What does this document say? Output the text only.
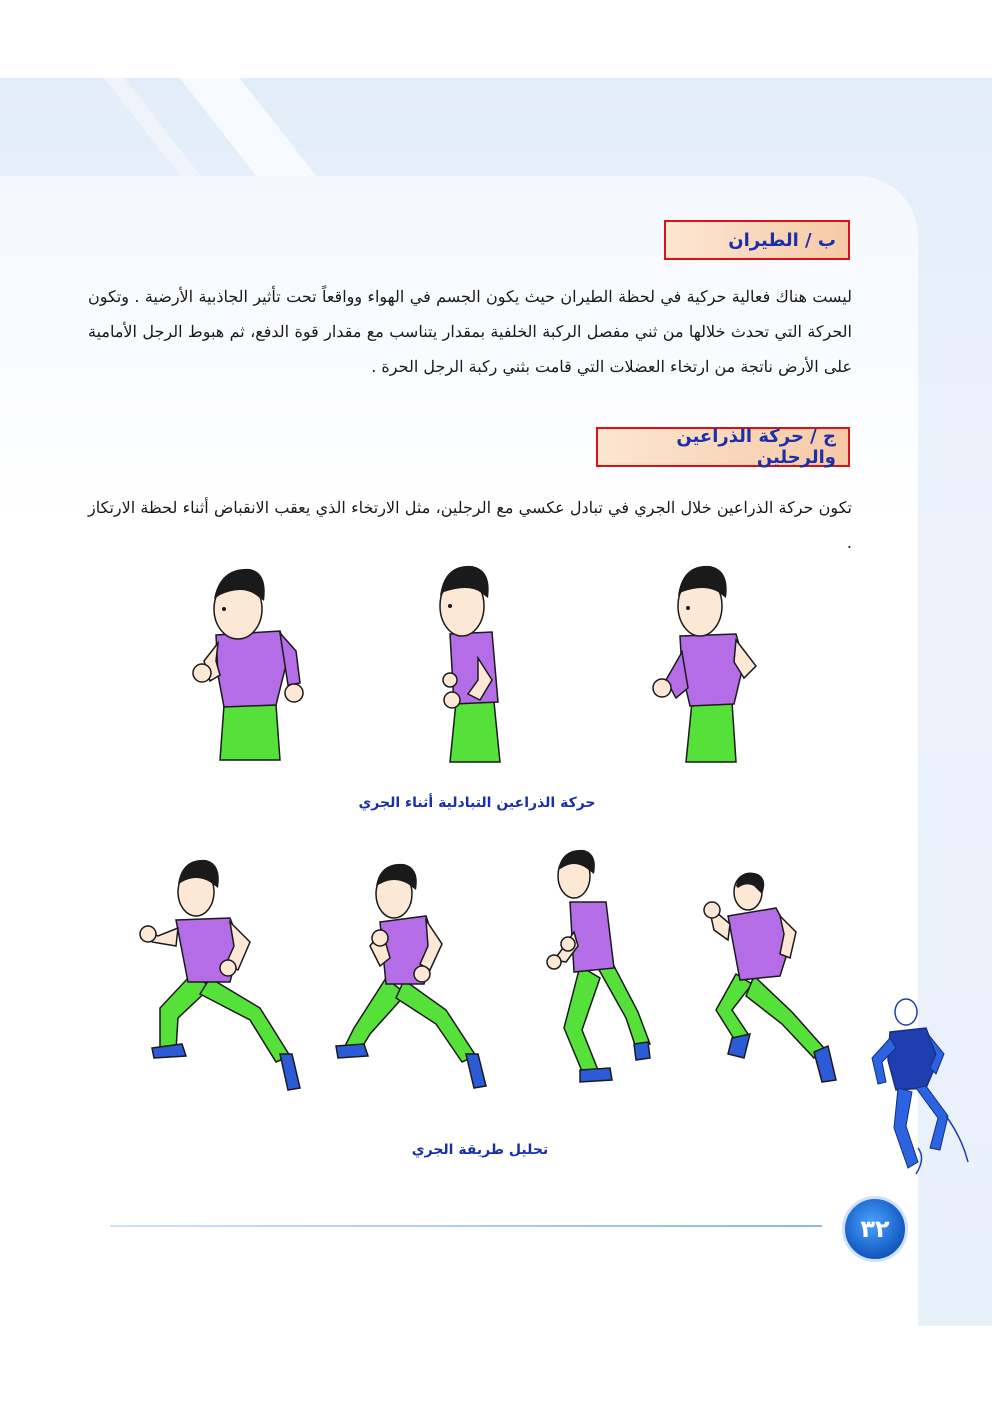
ب / الطيران
ليست هناك فعالية حركية في لحظة الطيران حيث يكون الجسم في الهواء وواقعاً تحت تأثير الجاذبية الأرضية . وتكون الحركة التي تحدث خلالها من ثني مفصل الركبة الخلفية بمقدار يتناسب مع مقدار قوة الدفع، ثم هبوط الرجل الأمامية على الأرض ناتجة من ارتخاء العضلات التي قامت بثني ركبة الرجل الحرة .
ج / حركة الذراعين والرجلين
تكون حركة الذراعين خلال الجري في تبادل عكسي مع الرجلين، مثل الارتخاء الذي يعقب الانقباض أثناء لحظة الارتكاز .
حركة الذراعين التبادلية أثناء الجري
تحليل طريقة الجري
٣٢
